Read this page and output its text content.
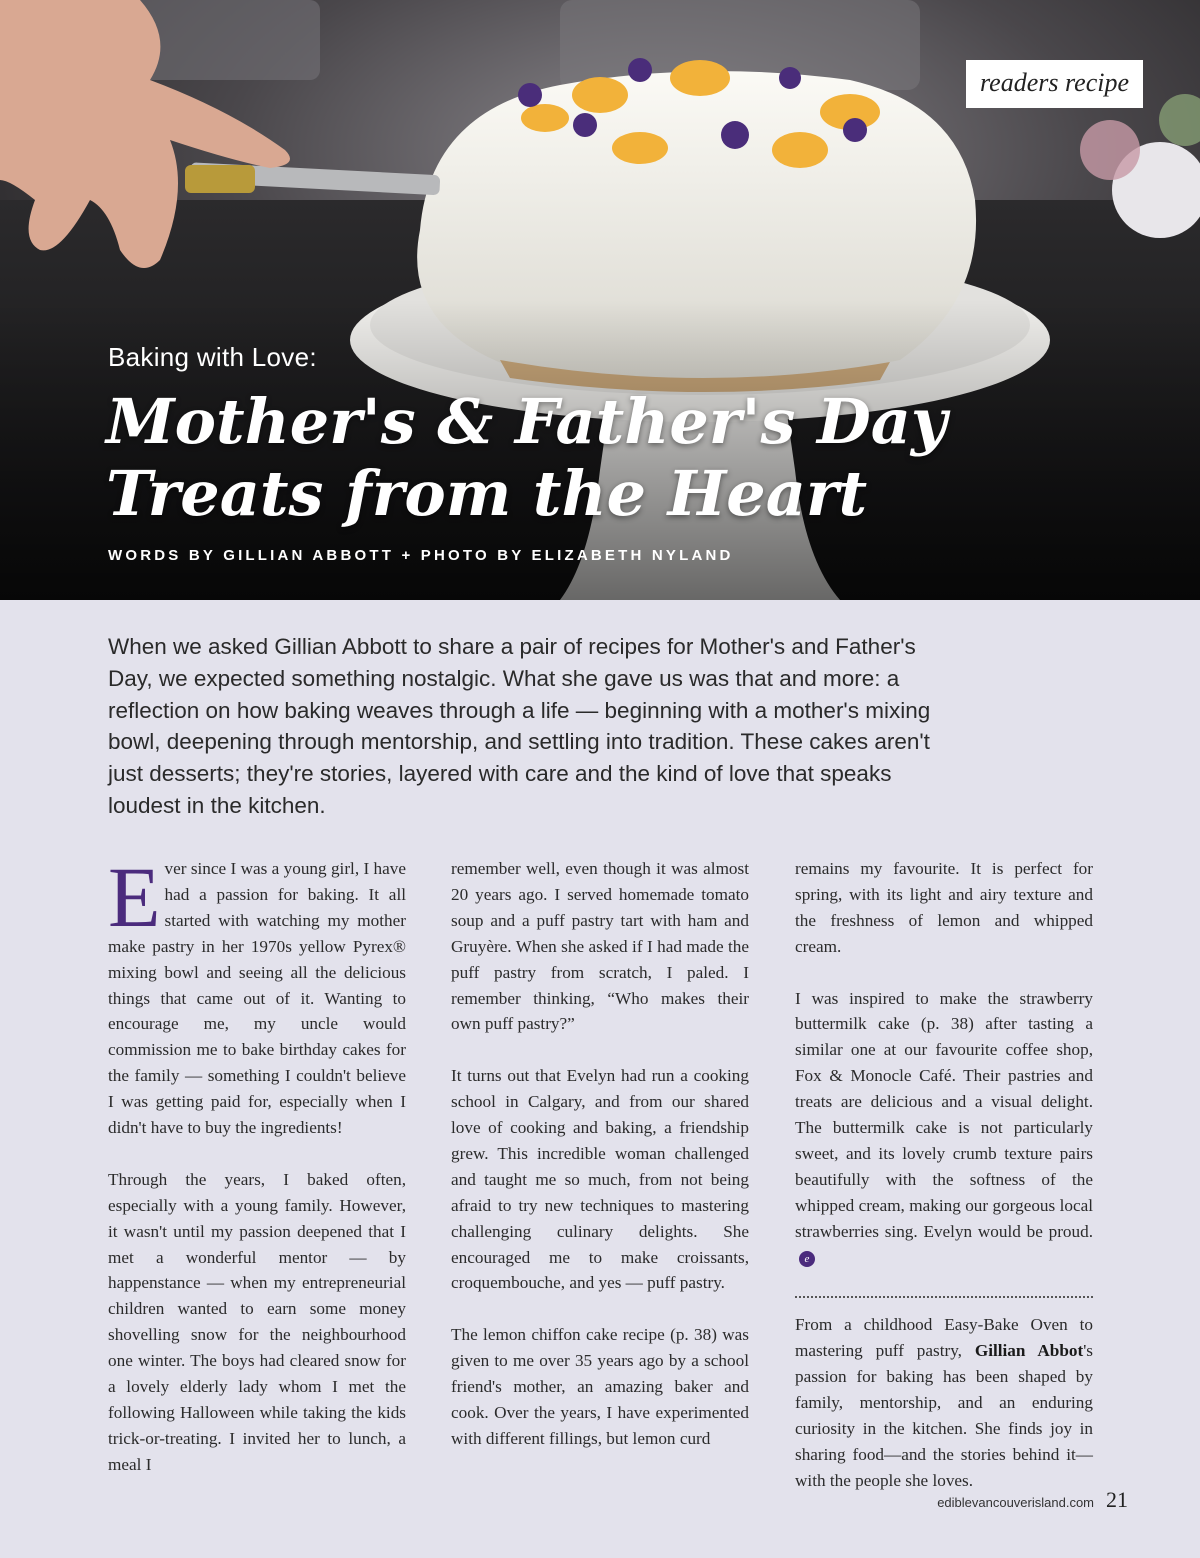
readers recipe
Baking with Love:
Mother's & Father's Day
Treats from the Heart
WORDS BY GILLIAN ABBOTT + PHOTO BY ELIZABETH NYLAND
When we asked Gillian Abbott to share a pair of recipes for Mother's and Father's Day, we expected something nostalgic. What she gave us was that and more: a reflection on how baking weaves through a life — beginning with a mother's mixing bowl, deepening through mentorship, and settling into tradition. These cakes aren't just desserts; they're stories, layered with care and the kind of love that speaks loudest in the kitchen.

Ever since I was a young girl, I have had a passion for baking. It all started with watching my mother make pastry in her 1970s yellow Pyrex® mixing bowl and seeing all the delicious things that came out of it. Wanting to encourage me, my uncle would commission me to bake birthday cakes for the family — something I couldn't believe I was getting paid for, especially when I didn't have to buy the ingredients!

Through the years, I baked often, especially with a young family. However, it wasn't until my passion deepened that I met a wonderful mentor — by happenstance — when my entrepreneurial children wanted to earn some money shovelling snow for the neighbourhood one winter. The boys had cleared snow for a lovely elderly lady whom I met the following Halloween while taking the kids trick-or-treating. I invited her to lunch, a meal I

remember well, even though it was almost 20 years ago. I served homemade tomato soup and a puff pastry tart with ham and Gruyère. When she asked if I had made the puff pastry from scratch, I paled. I remember thinking, “Who makes their own puff pastry?”

It turns out that Evelyn had run a cooking school in Calgary, and from our shared love of cooking and baking, a friendship grew. This incredible woman challenged and taught me so much, from not being afraid to try new techniques to mastering challenging culinary delights. She encouraged me to make croissants, croquembouche, and yes — puff pastry.

The lemon chiffon cake recipe (p. 38) was given to me over 35 years ago by a school friend's mother, an amazing baker and cook. Over the years, I have experimented with different fillings, but lemon curd

remains my favourite. It is perfect for spring, with its light and airy texture and the freshness of lemon and whipped cream.

I was inspired to make the strawberry buttermilk cake (p. 38) after tasting a similar one at our favourite coffee shop, Fox & Monocle Café. Their pastries and treats are delicious and a visual delight. The buttermilk cake is not particularly sweet, and its lovely crumb texture pairs beautifully with the softness of the whipped cream, making our gorgeous local strawberries sing. Evelyn would be proud.e

From a childhood Easy-Bake Oven to mastering puff pastry, Gillian Abbot's passion for baking has been shaped by family, mentorship, and an enduring curiosity in the kitchen. She finds joy in sharing food—and the stories behind it—with the people she loves.

ediblevancouverisland.com 21
